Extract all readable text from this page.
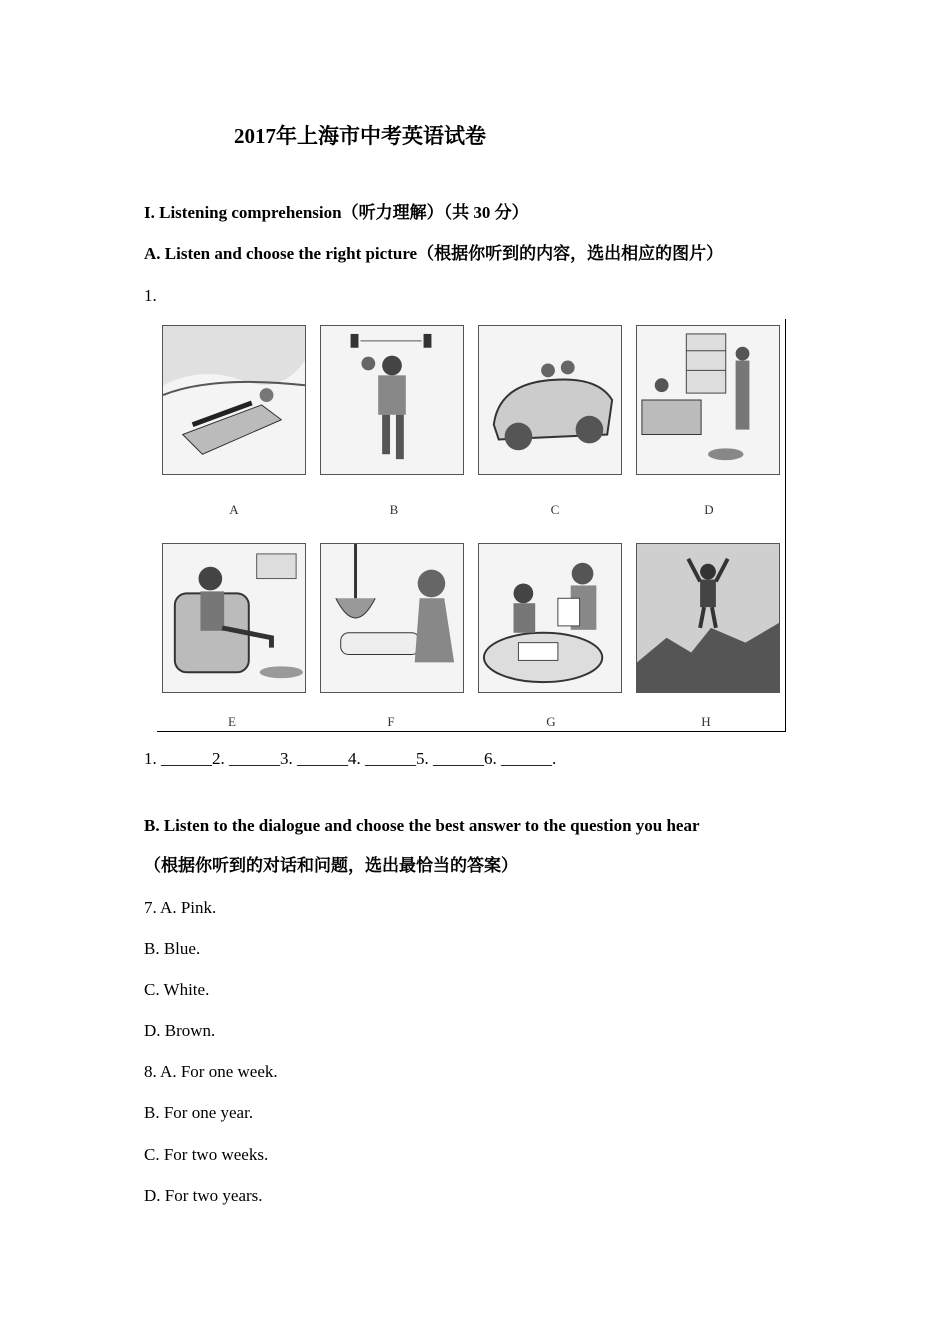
2017年上海市中考英语试卷
I. Listening comprehension（听力理解）（共 30 分）
A. Listen and choose the right picture（根据你听到的内容，选出相应的图片）
1.
A	B	C	D
E	F	G	H
1. ______2. ______3. ______4. ______5. ______6. ______.
B. Listen to the dialogue and choose the best answer to the question you hear
（根据你听到的对话和问题，选出最恰当的答案）
7. A. Pink.
B. Blue.
C. White.
D. Brown.
8. A. For one week.
B. For one year.
C. For two weeks.
D. For two years.
